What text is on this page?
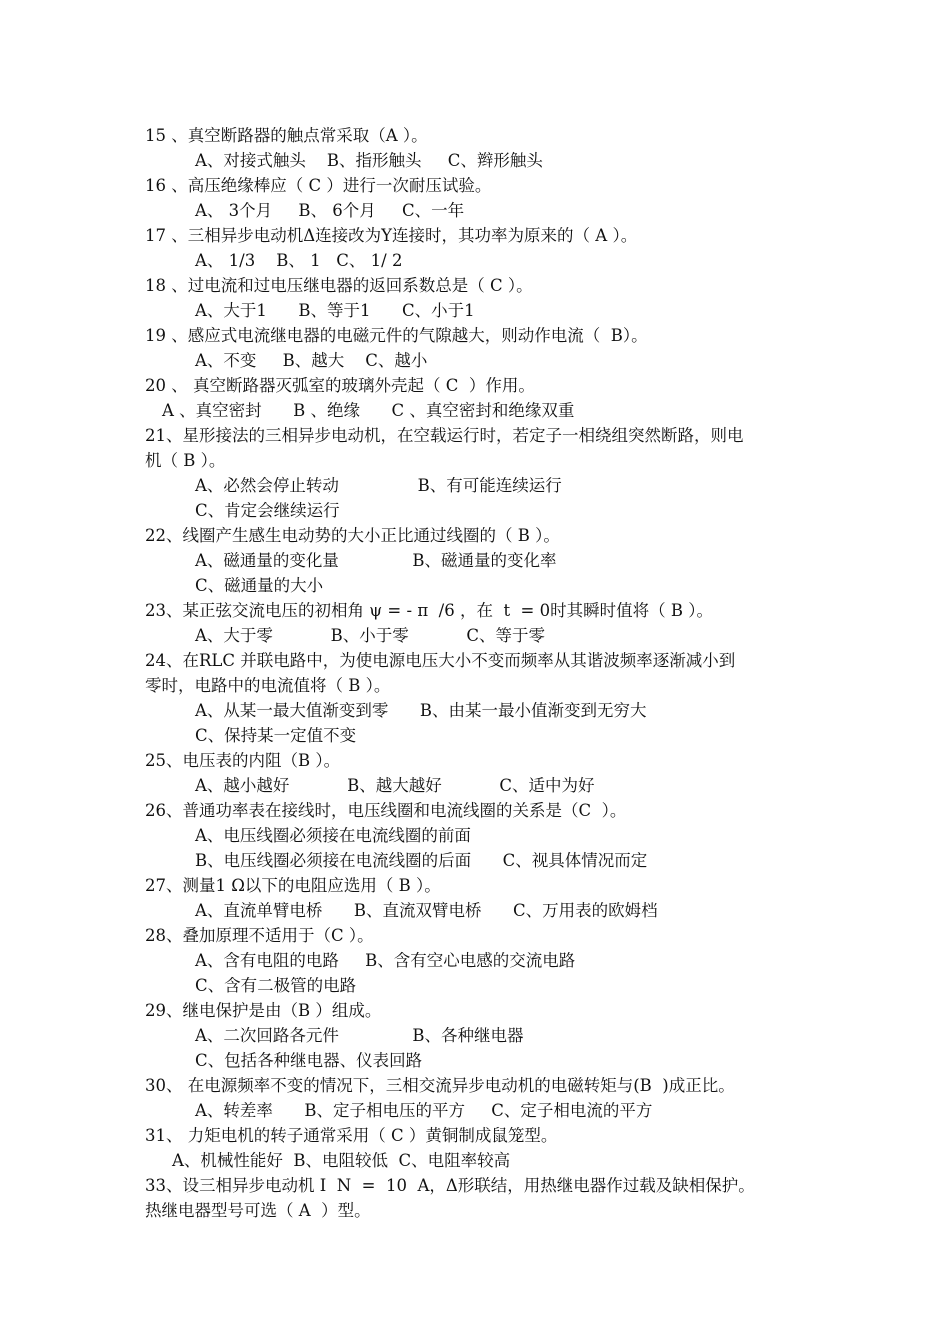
15 、真空断路器的触点常采取（A ）。
A、对接式触头    B、指形触头     C、辫形触头
16 、高压绝缘棒应（ C ）进行一次耐压试验。
A、 3个月     B、 6个月     C、一年
17 、三相异步电动机Δ连接改为Y连接时，其功率为原来的（ A ）。
A、 1/3    B、 1   C、 1/ 2
18 、过电流和过电压继电器的返回系数总是（ C ）。
A、大于1      B、等于1      C、小于1
19 、感应式电流继电器的电磁元件的气隙越大，则动作电流（  B）。
A、不变     B、越大    C、越小
20 、 真空断路器灭弧室的玻璃外壳起（ C  ）作用。
A 、真空密封      B 、绝缘      C 、真空密封和绝缘双重
21、星形接法的三相异步电动机，在空载运行时，若定子一相绕组突然断路，则电
机（ B ）。
A、必然会停止转动               B、有可能连续运行
C、肯定会继续运行
22、线圈产生感生电动势的大小正比通过线圈的（ B ）。
A、磁通量的变化量              B、磁通量的变化率
C、磁通量的大小
23、某正弦交流电压的初相角 ψ = - π  /6 ，在  t  = 0时其瞬时值将（ B ）。
A、大于零           B、小于零           C、等于零
24、在RLC 并联电路中，为使电源电压大小不变而频率从其谐波频率逐渐减小到
零时，电路中的电流值将（ B ）。
A、从某一最大值渐变到零      B、由某一最小值渐变到无穷大
C、保持某一定值不变
25、电压表的内阻（B ）。
A、越小越好           B、越大越好           C、适中为好
26、普通功率表在接线时，电压线圈和电流线圈的关系是（C  ）。
A、电压线圈必须接在电流线圈的前面
B、电压线圈必须接在电流线圈的后面      C、视具体情况而定
27、测量1 Ω以下的电阻应选用（ B ）。
A、直流单臂电桥      B、直流双臂电桥      C、万用表的欧姆档
28、叠加原理不适用于（C ）。
A、含有电阻的电路     B、含有空心电感的交流电路
C、含有二极管的电路
29、继电保护是由（B ）组成。
A、二次回路各元件              B、各种继电器
C、包括各种继电器、仪表回路
30、 在电源频率不变的情况下，三相交流异步电动机的电磁转矩与(B  )成正比。
A、转差率      B、定子相电压的平方     C、定子相电流的平方
31、 力矩电机的转子通常采用（ C ）黄铜制成鼠笼型。
A、机械性能好  B、电阻较低  C、电阻率较高
33、设三相异步电动机 I  N  =  10  A，Δ形联结，用热继电器作过载及缺相保护。
热继电器型号可选（ A  ）型。
